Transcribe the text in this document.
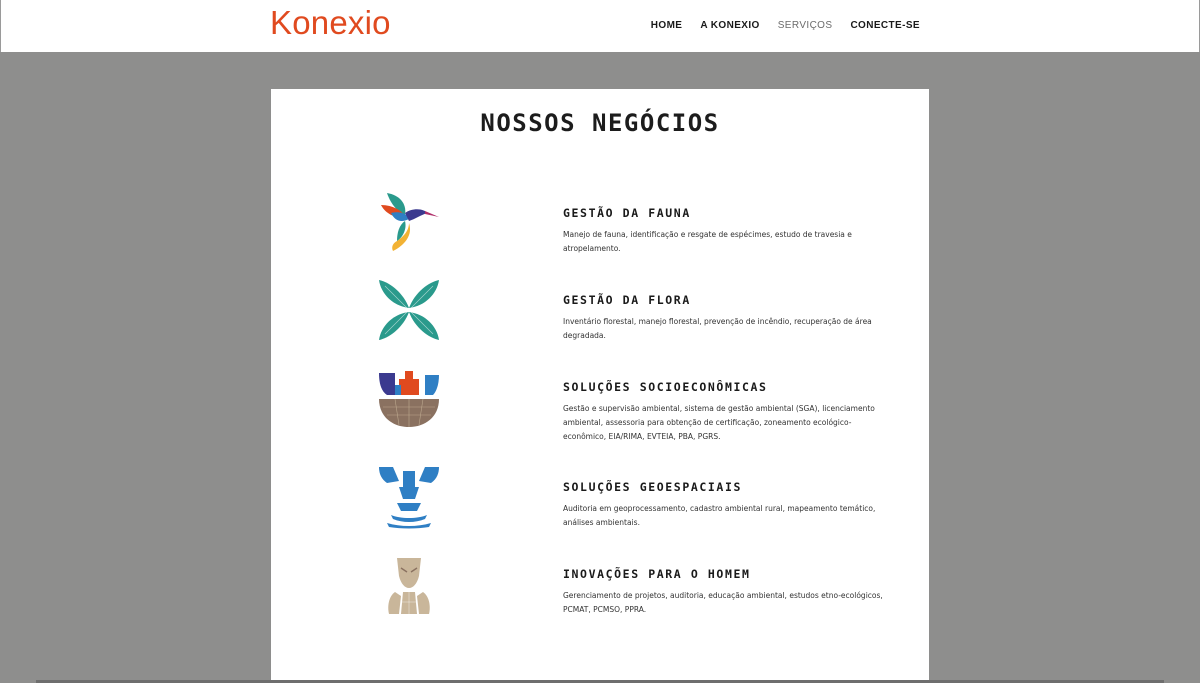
Konexio	HOME A KONEXIO SERVIÇOS CONECTE-SE
NOSSOS NEGÓCIOS
GESTÃO DA FAUNA

Manejo de fauna, identificação e resgate de espécimes, estudo de travesia e atropelamento.

GESTÃO DA FLORA

Inventário florestal, manejo florestal, prevenção de incêndio, recuperação de área degradada.

SOLUÇÕES SOCIOECONÔMICAS

Gestão e supervisão ambiental, sistema de gestão ambiental (SGA), licenciamento ambiental, assessoria para obtenção de certificação, zoneamento ecológico-econômico, EIA/RIMA, EVTEIA, PBA, PGRS.

SOLUÇÕES GEOESPACIAIS

Auditoria em geoprocessamento, cadastro ambiental rural, mapeamento temático, análises ambientais.

INOVAÇÕES PARA O HOMEM

Gerenciamento de projetos, auditoria, educação ambiental, estudos etno-ecológicos, PCMAT, PCMSO, PPRA.
